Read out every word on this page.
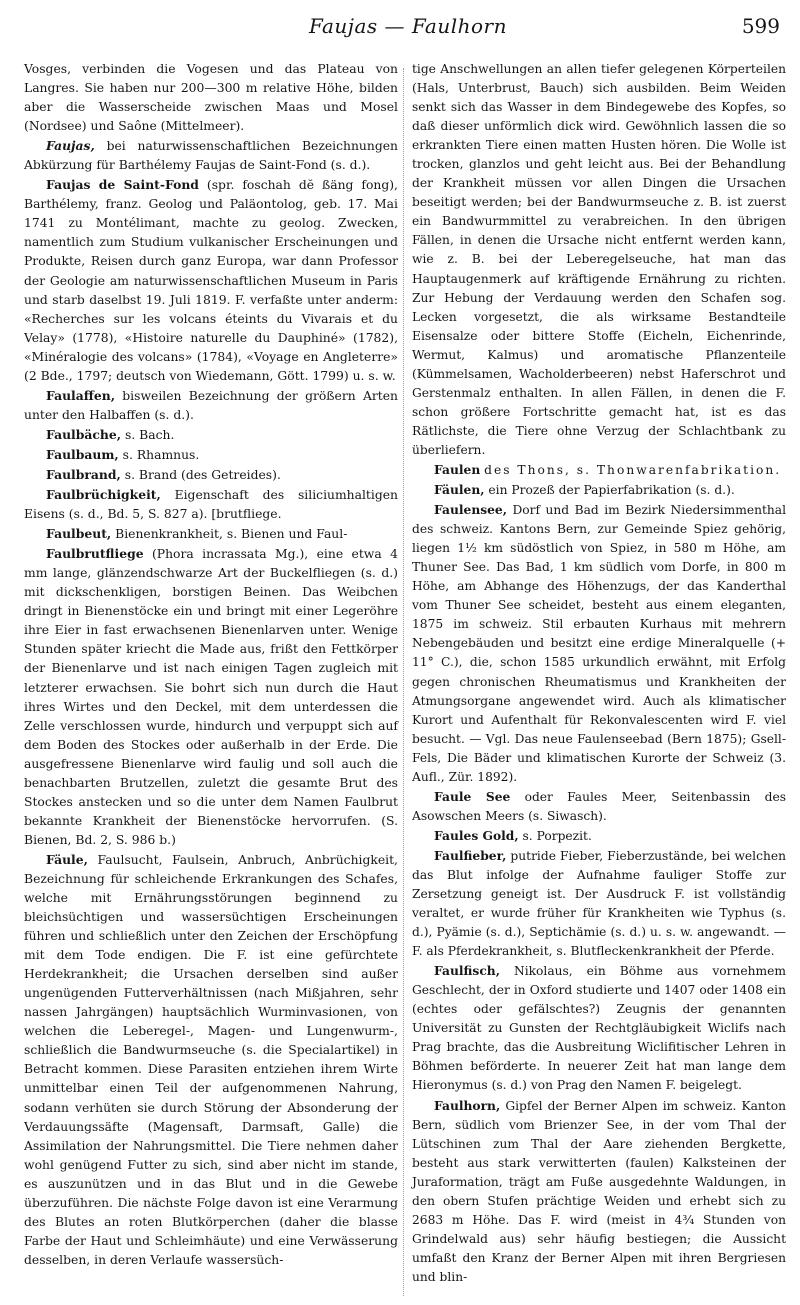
Faujas — Faulhorn	599

Vosges, verbinden die Vogesen und das Plateau von Langres. Sie haben nur 200—300 m relative Höhe, bilden aber die Wasserscheide zwischen Maas und Mosel (Nordsee) und Saône (Mittelmeer).

Faujas, bei naturwissenschaftlichen Bezeichnungen Abkürzung für Barthélemy Faujas de Saint-Fond (s. d.).

Faujas de Saint-Fond (spr. foschah dĕ ßäng fong), Barthélemy, franz. Geolog und Paläontolog, geb. 17. Mai 1741 zu Montélimant, machte zu geolog. Zwecken, namentlich zum Studium vulkanischer Erscheinungen und Produkte, Reisen durch ganz Europa, war dann Professor der Geologie am naturwissenschaftlichen Museum in Paris und starb daselbst 19. Juli 1819. F. verfaßte unter anderm: «Recherches sur les volcans éteints du Vivarais et du Velay» (1778), «Histoire naturelle du Dauphiné» (1782), «Minéralogie des volcans» (1784), «Voyage en Angleterre» (2 Bde., 1797; deutsch von Wiedemann, Gött. 1799) u. s. w.

Faulaffen, bisweilen Bezeichnung der größern Arten unter den Halbaffen (s. d.).

Faulbäche, s. Bach.

Faulbaum, s. Rhamnus.

Faulbrand, s. Brand (des Getreides).

Faulbrüchigkeit, Eigenschaft des siliciumhaltigen Eisens (s. d., Bd. 5, S. 827 a). [brutfliege.

Faulbeut, Bienenkrankheit, s. Bienen und Faul-

Faulbrutfliege (Phora incrassata Mg.), eine etwa 4 mm lange, glänzendschwarze Art der Buckelfliegen (s. d.) mit dickschenkligen, borstigen Beinen. Das Weibchen dringt in Bienenstöcke ein und bringt mit einer Legeröhre ihre Eier in fast erwachsenen Bienenlarven unter. Wenige Stunden später kriecht die Made aus, frißt den Fettkörper der Bienenlarve und ist nach einigen Tagen zugleich mit letzterer erwachsen. Sie bohrt sich nun durch die Haut ihres Wirtes und den Deckel, mit dem unterdessen die Zelle verschlossen wurde, hindurch und verpuppt sich auf dem Boden des Stockes oder außerhalb in der Erde. Die ausgefressene Bienenlarve wird faulig und soll auch die benachbarten Brutzellen, zuletzt die gesamte Brut des Stockes anstecken und so die unter dem Namen Faulbrut bekannte Krankheit der Bienenstöcke hervorrufen. (S. Bienen, Bd. 2, S. 986 b.)

Fäule, Faulsucht, Faulsein, Anbruch, Anbrüchigkeit, Bezeichnung für schleichende Erkrankungen des Schafes, welche mit Ernährungsstörungen beginnend zu bleichsüchtigen und wassersüchtigen Erscheinungen führen und schließlich unter den Zeichen der Erschöpfung mit dem Tode endigen. Die F. ist eine gefürchtete Herdekrankheit; die Ursachen derselben sind außer ungenügenden Futterverhältnissen (nach Mißjahren, sehr nassen Jahrgängen) hauptsächlich Wurminvasionen, von welchen die Leberegel-, Magen- und Lungenwurm-, schließlich die Bandwurmseuche (s. die Specialartikel) in Betracht kommen. Diese Parasiten entziehen ihrem Wirte unmittelbar einen Teil der aufgenommenen Nahrung, sodann verhüten sie durch Störung der Absonderung der Verdauungssäfte (Magensaft, Darmsaft, Galle) die Assimilation der Nahrungsmittel. Die Tiere nehmen daher wohl genügend Futter zu sich, sind aber nicht im stande, es auszunützen und in das Blut und in die Gewebe überzuführen. Die nächste Folge davon ist eine Verarmung des Blutes an roten Blutkörperchen (daher die blasse Farbe der Haut und Schleimhäute) und eine Verwässerung desselben, in deren Verlaufe wassersüch-

tige Anschwellungen an allen tiefer gelegenen Körperteilen (Hals, Unterbrust, Bauch) sich ausbilden. Beim Weiden senkt sich das Wasser in dem Bindegewebe des Kopfes, so daß dieser unförmlich dick wird. Gewöhnlich lassen die so erkrankten Tiere einen matten Husten hören. Die Wolle ist trocken, glanzlos und geht leicht aus. Bei der Behandlung der Krankheit müssen vor allen Dingen die Ursachen beseitigt werden; bei der Bandwurmseuche z. B. ist zuerst ein Bandwurmmittel zu verabreichen. In den übrigen Fällen, in denen die Ursache nicht entfernt werden kann, wie z. B. bei der Leberegelseuche, hat man das Hauptaugenmerk auf kräftigende Ernährung zu richten. Zur Hebung der Verdauung werden den Schafen sog. Lecken vorgesetzt, die als wirksame Bestandteile Eisensalze oder bittere Stoffe (Eicheln, Eichenrinde, Wermut, Kalmus) und aromatische Pflanzenteile (Kümmelsamen, Wacholderbeeren) nebst Haferschrot und Gerstenmalz enthalten. In allen Fällen, in denen die F. schon größere Fortschritte gemacht hat, ist es das Rätlichste, die Tiere ohne Verzug der Schlachtbank zu überliefern.

Faulen des Thons, s. Thonwarenfabrikation.

Fäulen, ein Prozeß der Papierfabrikation (s. d.).

Faulensee, Dorf und Bad im Bezirk Niedersimmenthal des schweiz. Kantons Bern, zur Gemeinde Spiez gehörig, liegen 1½ km südöstlich von Spiez, in 580 m Höhe, am Thuner See. Das Bad, 1 km südlich vom Dorfe, in 800 m Höhe, am Abhange des Höhenzugs, der das Kanderthal vom Thuner See scheidet, besteht aus einem eleganten, 1875 im schweiz. Stil erbauten Kurhaus mit mehrern Nebengebäuden und besitzt eine erdige Mineralquelle (+ 11° C.), die, schon 1585 urkundlich erwähnt, mit Erfolg gegen chronischen Rheumatismus und Krankheiten der Atmungsorgane angewendet wird. Auch als klimatischer Kurort und Aufenthalt für Rekonvalescenten wird F. viel besucht. — Vgl. Das neue Faulenseebad (Bern 1875); Gsell-Fels, Die Bäder und klimatischen Kurorte der Schweiz (3. Aufl., Zür. 1892).

Faule See oder Faules Meer, Seitenbassin des Asowschen Meers (s. Siwasch).

Faules Gold, s. Porpezit.

Faulfieber, putride Fieber, Fieberzustände, bei welchen das Blut infolge der Aufnahme fauliger Stoffe zur Zersetzung geneigt ist. Der Ausdruck F. ist vollständig veraltet, er wurde früher für Krankheiten wie Typhus (s. d.), Pyämie (s. d.), Septichämie (s. d.) u. s. w. angewandt. — F. als Pferdekrankheit, s. Blutfleckenkrankheit der Pferde.

Faulfisch, Nikolaus, ein Böhme aus vornehmem Geschlecht, der in Oxford studierte und 1407 oder 1408 ein (echtes oder gefälschtes?) Zeugnis der genannten Universität zu Gunsten der Rechtgläubigkeit Wiclifs nach Prag brachte, das die Ausbreitung Wiclifitischer Lehren in Böhmen beförderte. In neuerer Zeit hat man lange dem Hieronymus (s. d.) von Prag den Namen F. beigelegt.

Faulhorn, Gipfel der Berner Alpen im schweiz. Kanton Bern, südlich vom Brienzer See, in der vom Thal der Lütschinen zum Thal der Aare ziehenden Bergkette, besteht aus stark verwitterten (faulen) Kalksteinen der Juraformation, trägt am Fuße ausgedehnte Waldungen, in den obern Stufen prächtige Weiden und erhebt sich zu 2683 m Höhe. Das F. wird (meist in 4¾ Stunden von Grindelwald aus) sehr häufig bestiegen; die Aussicht umfaßt den Kranz der Berner Alpen mit ihren Bergriesen und blin-
